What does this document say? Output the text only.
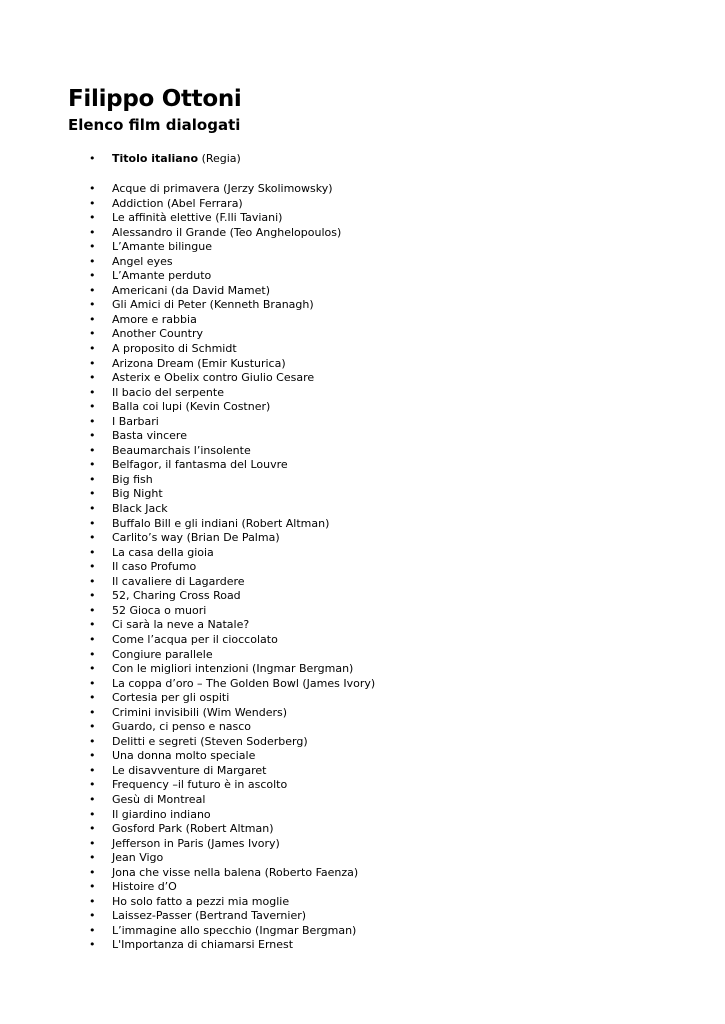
Filippo Ottoni
Elenco film dialogati
• Titolo italiano (Regia)
• Acque di primavera (Jerzy Skolimowsky)
• Addiction (Abel Ferrara)
• Le affinità elettive (F.lli Taviani)
• Alessandro il Grande (Teo Anghelopoulos)
• L’Amante bilingue
• Angel eyes
• L’Amante perduto
• Americani (da David Mamet)
• Gli Amici di Peter (Kenneth Branagh)
• Amore e rabbia
• Another Country
• A proposito di Schmidt
• Arizona Dream (Emir Kusturica)
• Asterix e Obelix contro Giulio Cesare
• Il bacio del serpente
• Balla coi lupi (Kevin Costner)
• I Barbari
• Basta vincere
• Beaumarchais l’insolente
• Belfagor, il fantasma del Louvre
• Big fish
• Big Night
• Black Jack
• Buffalo Bill e gli indiani (Robert Altman)
• Carlito’s way (Brian De Palma)
• La casa della gioia
• Il caso Profumo
• Il cavaliere di Lagardere
• 52, Charing Cross Road
• 52 Gioca o muori
• Ci sarà la neve a Natale?
• Come l’acqua per il cioccolato
• Congiure parallele
• Con le migliori intenzioni (Ingmar Bergman)
• La coppa d’oro – The Golden Bowl (James Ivory)
• Cortesia per gli ospiti
• Crimini invisibili (Wim Wenders)
• Guardo, ci penso e nasco
• Delitti e segreti (Steven Soderberg)
• Una donna molto speciale
• Le disavventure di Margaret
• Frequency –il futuro è in ascolto
• Gesù di Montreal
• Il giardino indiano
• Gosford Park (Robert Altman)
• Jefferson in Paris (James Ivory)
• Jean Vigo
• Jona che visse nella balena (Roberto Faenza)
• Histoire d’O
• Ho solo fatto a pezzi mia moglie
• Laissez-Passer (Bertrand Tavernier)
• L’immagine allo specchio (Ingmar Bergman)
• L'Importanza di chiamarsi Ernest
